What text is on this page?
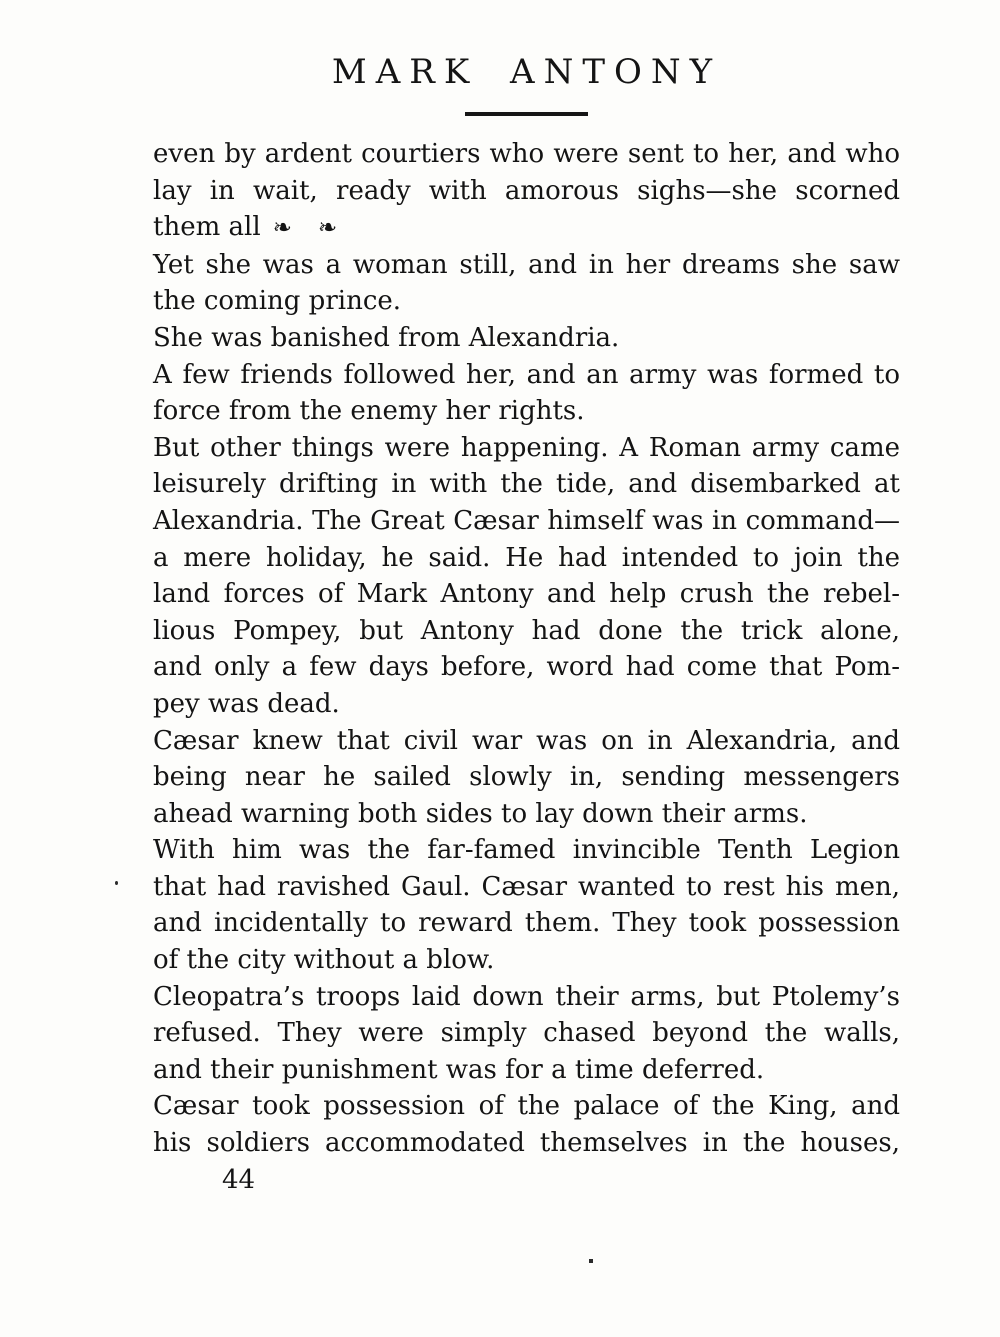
MARK ANTONY
even by ardent courtiers who were sent to her, and who
lay in wait, ready with amorous sighs—she scorned
them all ❧ ❧
Yet she was a woman still, and in her dreams she saw
the coming prince.
She was banished from Alexandria.
A few friends followed her, and an army was formed to
force from the enemy her rights.
But other things were happening. A Roman army came
leisurely drifting in with the tide, and disembarked at
Alexandria. The Great Cæsar himself was in command—
a mere holiday, he said. He had intended to join the
land forces of Mark Antony and help crush the rebel-
lious Pompey, but Antony had done the trick alone,
and only a few days before, word had come that Pom-
pey was dead.
Cæsar knew that civil war was on in Alexandria, and
being near he sailed slowly in, sending messengers
ahead warning both sides to lay down their arms.
With him was the far-famed invincible Tenth Legion
that had ravished Gaul. Cæsar wanted to rest his men,
and incidentally to reward them. They took possession
of the city without a blow.
Cleopatra’s troops laid down their arms, but Ptolemy’s
refused. They were simply chased beyond the walls,
and their punishment was for a time deferred.
Cæsar took possession of the palace of the King, and
his soldiers accommodated themselves in the houses,
44
